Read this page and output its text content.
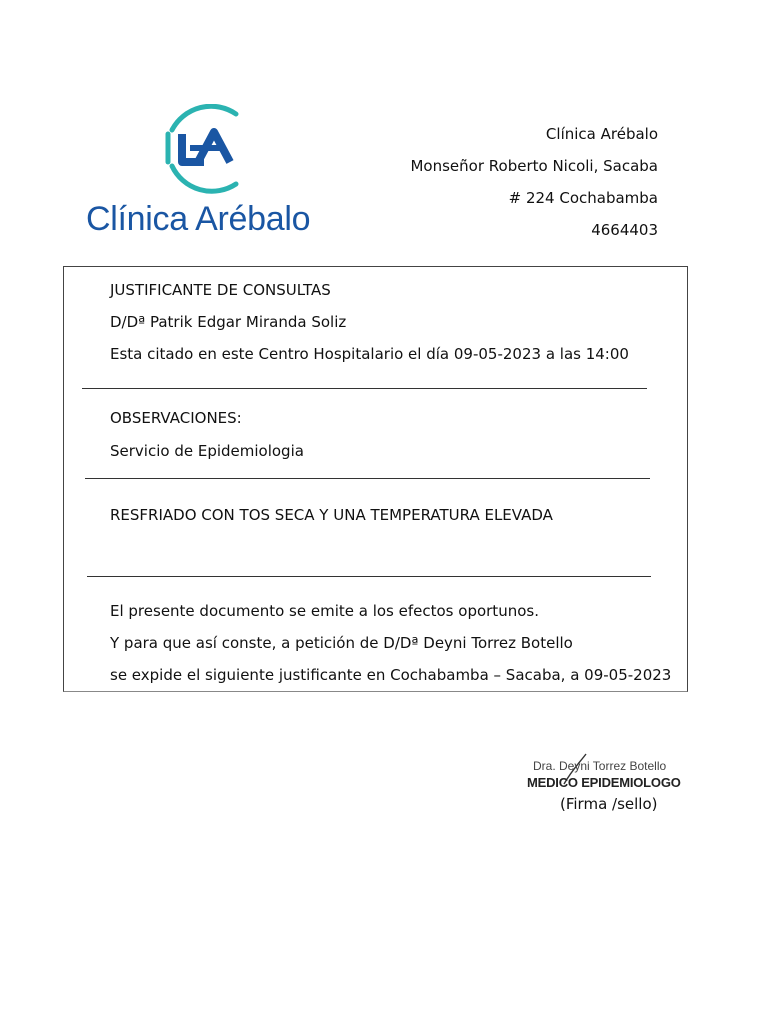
Clínica Arébalo
Clínica Arébalo
Monseñor Roberto Nicoli, Sacaba
# 224 Cochabamba
4664403
JUSTIFICANTE DE CONSULTAS
D/Dª Patrik Edgar Miranda Soliz
Esta citado en este Centro Hospitalario el día 09-05-2023 a las 14:00
OBSERVACIONES:
Servicio de Epidemiologia
RESFRIADO CON TOS SECA Y UNA TEMPERATURA ELEVADA
El presente documento se emite a los efectos oportunos.
Y para que así conste, a petición de D/Dª Deyni Torrez Botello
se expide el siguiente justificante en Cochabamba – Sacaba, a 09-05-2023
Dra. Deyni Torrez Botello
MEDICO EPIDEMIOLOGO
(Firma /sello)
